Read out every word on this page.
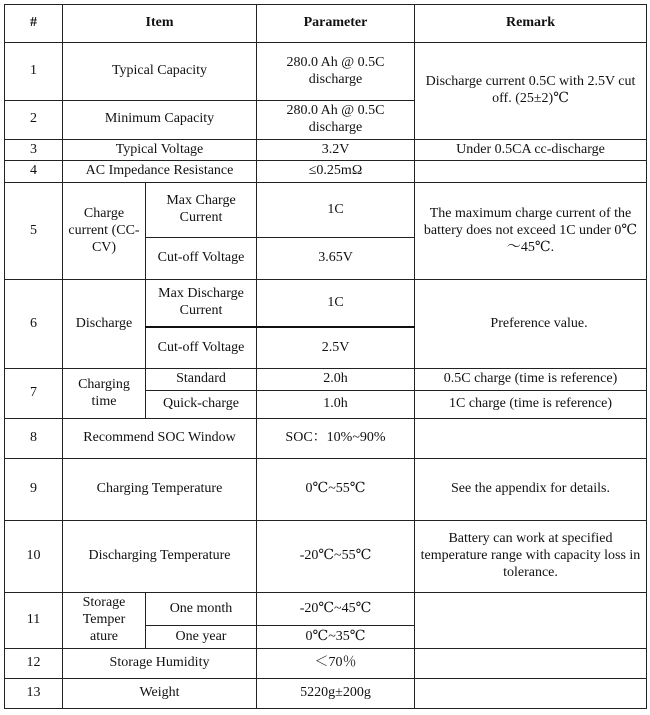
#	Item		Parameter	Remark
1	Typical Capacity		280.0 Ah @ 0.5C discharge	Discharge current 0.5C with 2.5V cut off. (25±2)℃
2	Minimum Capacity		280.0 Ah @ 0.5C discharge	
3	Typical Voltage		3.2V	Under 0.5CA cc-discharge
4	AC Impedance Resistance		≤0.25mΩ	
5	Charge current (CC-CV)	Max Charge Current	1C	The maximum charge current of the battery does not exceed 1C under 0℃～45℃.
		Cut-off Voltage	3.65V	
6	Discharge	Max Discharge Current	1C	Preference value.
		Cut-off Voltage	2.5V	
7	Charging time	Standard	2.0h	0.5C charge (time is reference)
		Quick-charge	1.0h	1C charge (time is reference)
8	Recommend SOC Window		SOC：10%~90%	
9	Charging Temperature		0℃~55℃	See the appendix for details.
10	Discharging Temperature		-20℃~55℃	Battery can work at specified temperature range with capacity loss in tolerance.
11	Storage Temper ature	One month	-20℃~45℃	
		One year	0℃~35℃	
12	Storage Humidity		＜70％	
13	Weight		5220g±200g	
